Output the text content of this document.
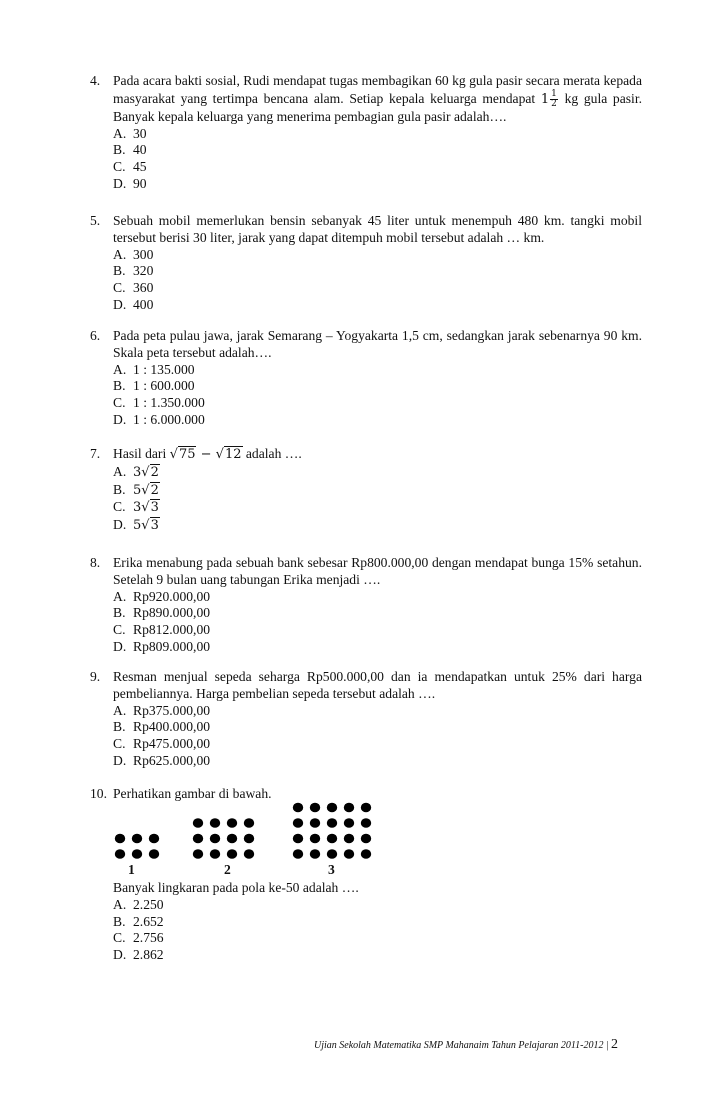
4. Pada acara bakti sosial, Rudi mendapat tugas membagikan 60 kg gula pasir secara merata kepada masyarakat yang tertimpa bencana alam. Setiap kepala keluarga mendapat $1 \frac{1}{2}$ kg gula pasir. Banyak kepala keluarga yang menerima pembagian gula pasir adalah….
A. 30
B. 40
C. 45
D. 90
5. Sebuah mobil memerlukan bensin sebanyak 45 liter untuk menempuh 480 km. tangki mobil tersebut berisi 30 liter, jarak yang dapat ditempuh mobil tersebut adalah … km.
A. 300
B. 320
C. 360
D. 400
6. Pada peta pulau jawa, jarak Semarang – Yogyakarta 1,5 cm, sedangkan jarak sebenarnya 90 km. Skala peta tersebut adalah….
A. 1 : 135.000
B. 1 : 600.000
C. 1 : 1.350.000
D. 1 : 6.000.000
7. Hasil dari √75 − √12 adalah ….
A. 3√2
B. 5√2
C. 3√3
D. 5√3
8. Erika menabung pada sebuah bank sebesar Rp800.000,00 dengan mendapat bunga 15% setahun. Setelah 9 bulan uang tabungan Erika menjadi ….
A. Rp920.000,00
B. Rp890.000,00
C. Rp812.000,00
D. Rp809.000,00
9. Resman menjual sepeda seharga Rp500.000,00 dan ia mendapatkan untuk 25% dari harga pembeliannya. Harga pembelian sepeda tersebut adalah ….
A. Rp375.000,00
B. Rp400.000,00
C. Rp475.000,00
D. Rp625.000,00
10. Perhatikan gambar di bawah.
1	2	3
Banyak lingkaran pada pola ke-50 adalah ….
A. 2.250
B. 2.652
C. 2.756
D. 2.862
Ujian Sekolah Matematika SMP Mahanaim Tahun Pelajaran 2011-2012 | 2
